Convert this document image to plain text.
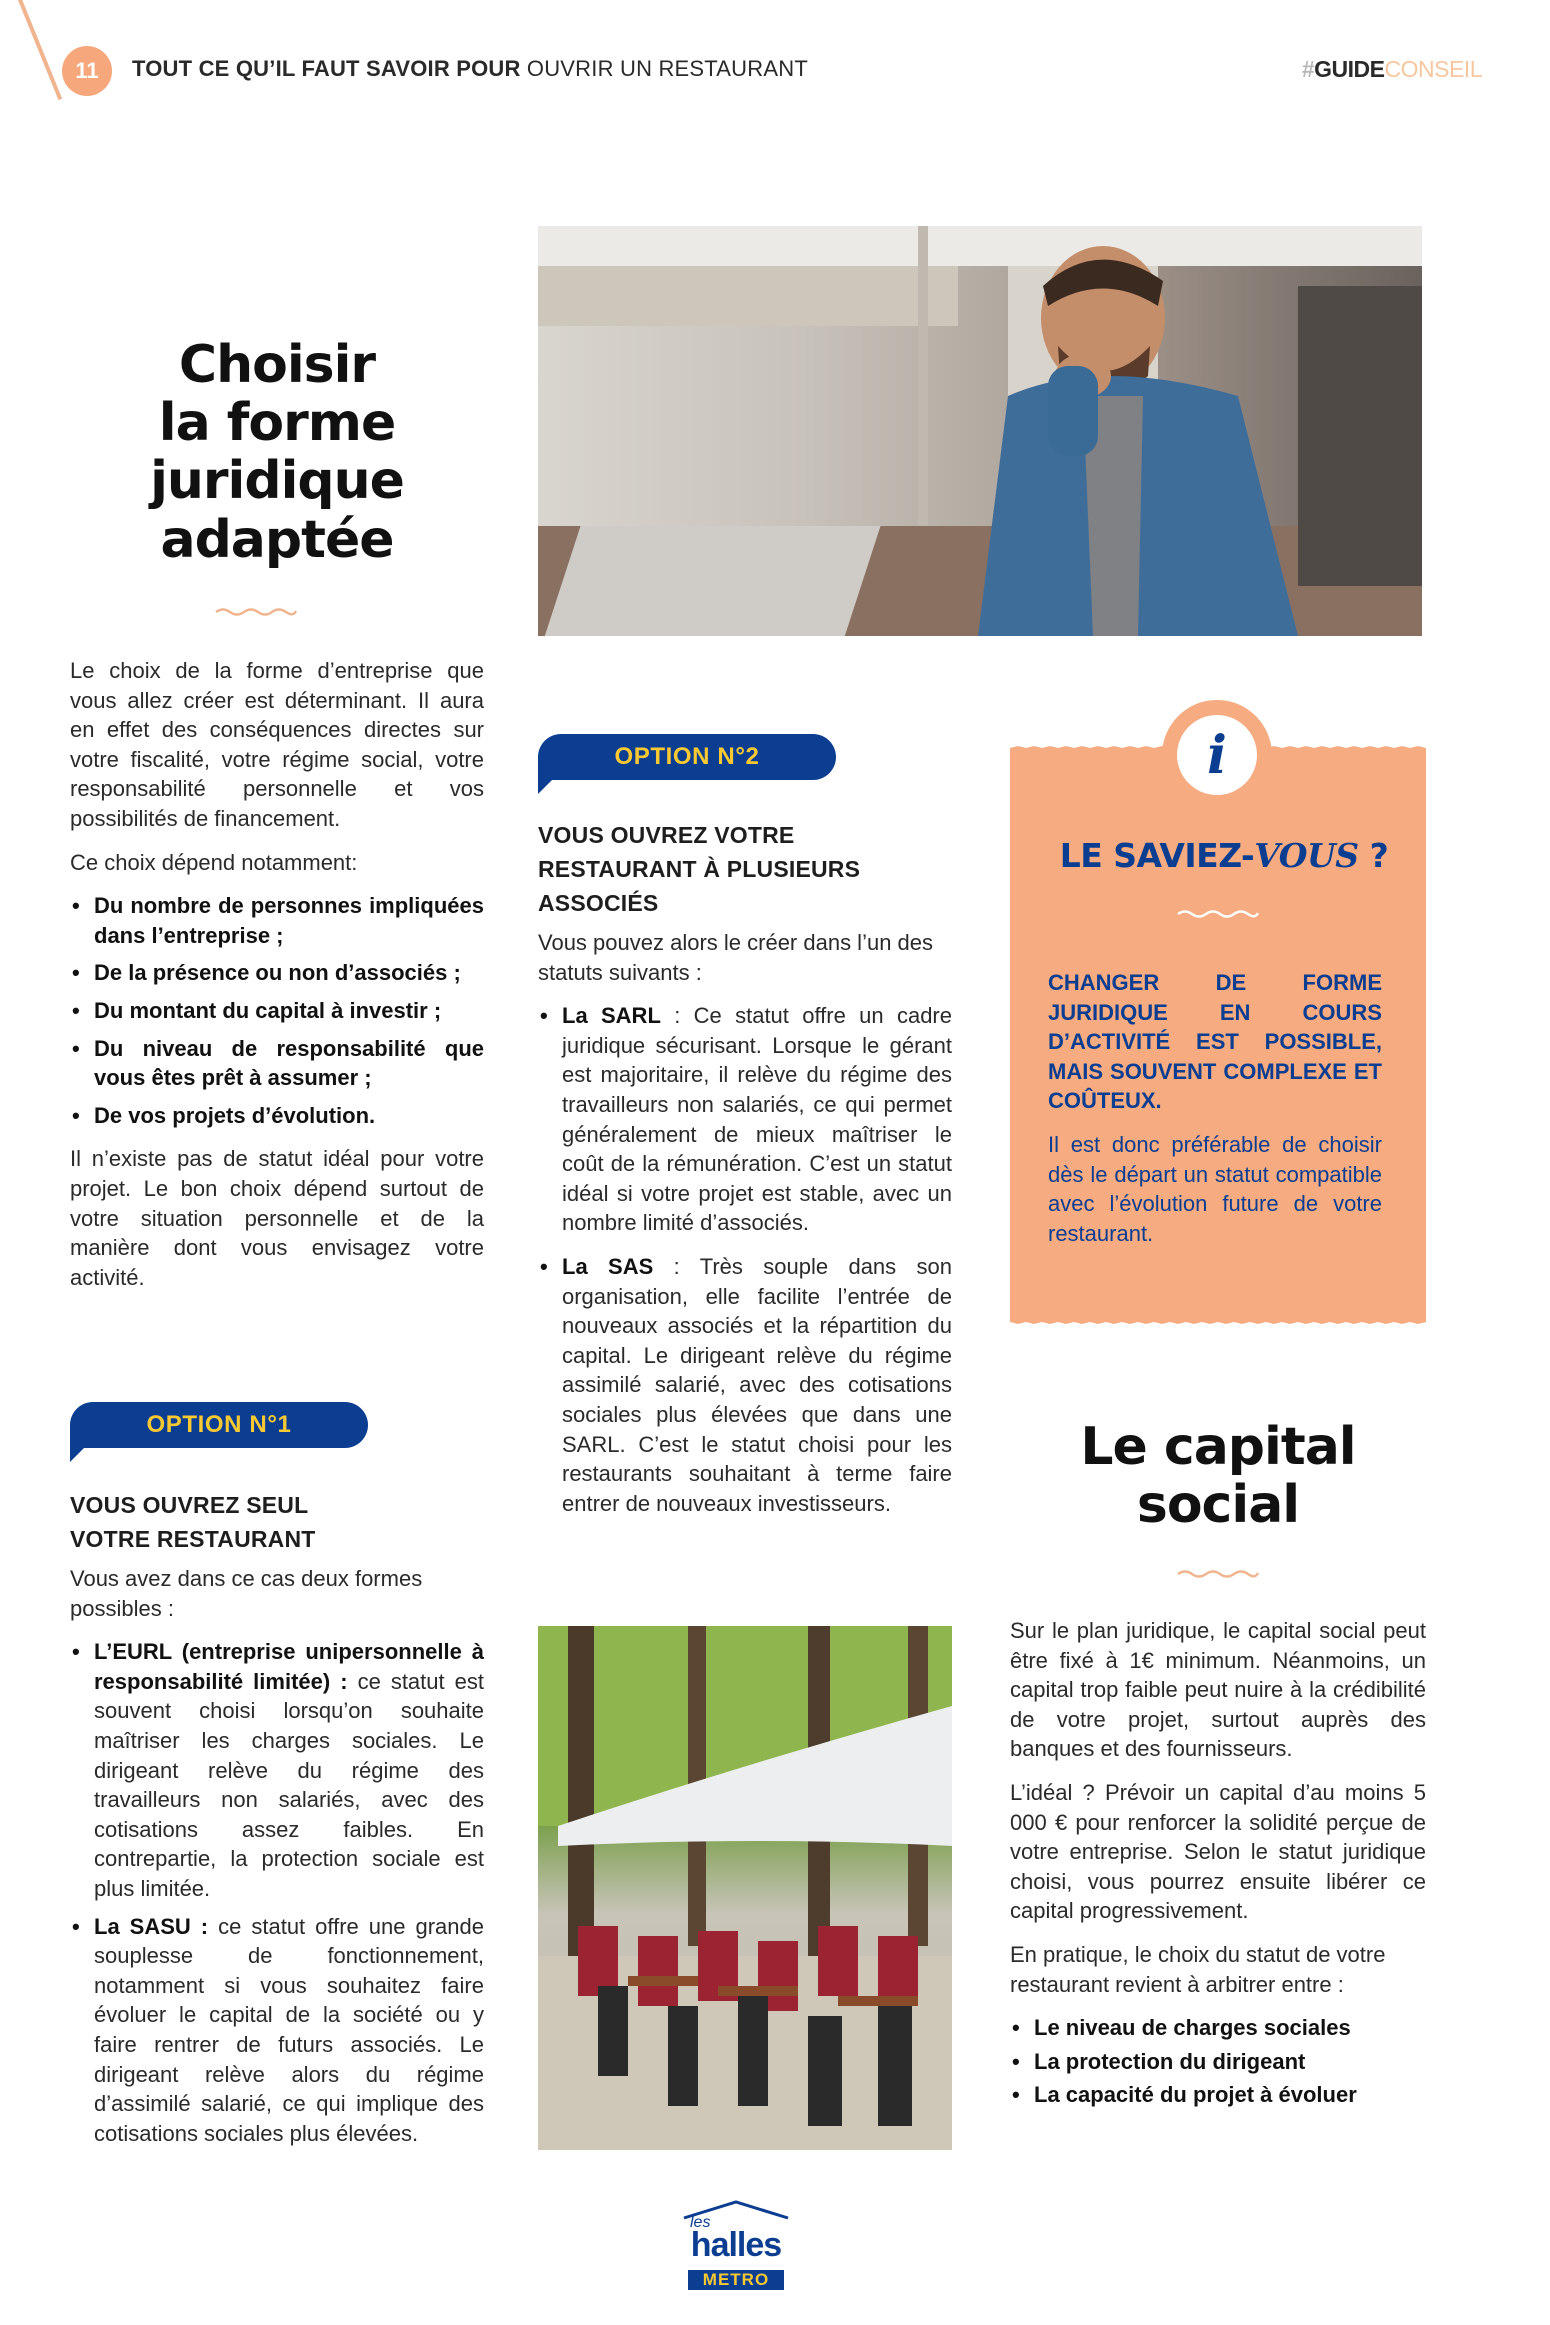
11 TOUT CE QU’IL FAUT SAVOIR POUR OUVRIR UN RESTAURANT	#GUIDECONSEIL
Choisir
la forme
juridique
adaptée

Le choix de la forme d’entreprise que vous allez créer est déterminant. Il aura en effet des conséquences directes sur votre fiscalité, votre régime social, votre responsabilité personnelle et vos possibilités de financement.

Ce choix dépend notamment:

• Du nombre de personnes impliquées dans l’entreprise ;
• De la présence ou non d’associés ;
• Du montant du capital à investir ;
• Du niveau de responsabilité que vous êtes prêt à assumer ;
• De vos projets d’évolution.

Il n’existe pas de statut idéal pour votre projet. Le bon choix dépend surtout de votre situation personnelle et de la manière dont vous envisagez votre activité.

OPTION N°1

VOUS OUVREZ SEUL
VOTRE RESTAURANT

Vous avez dans ce cas deux formes possibles :

• L’EURL (entreprise unipersonnelle à responsabilité limitée) : ce statut est souvent choisi lorsqu’on souhaite maîtriser les charges sociales. Le dirigeant relève du régime des travailleurs non salariés, avec des cotisations assez faibles. En contrepartie, la protection sociale est plus limitée.
• La SASU : ce statut offre une grande souplesse de fonctionnement, notamment si vous souhaitez faire évoluer le capital de la société ou y faire rentrer de futurs associés. Le dirigeant relève alors du régime d’assimilé salarié, ce qui implique des cotisations sociales plus élevées.
OPTION N°2

VOUS OUVREZ VOTRE
RESTAURANT À PLUSIEURS
ASSOCIÉS

Vous pouvez alors le créer dans l’un des statuts suivants :

• La SARL : Ce statut offre un cadre juridique sécurisant. Lorsque le gérant est majoritaire, il relève du régime des travailleurs non salariés, ce qui permet généralement de mieux maîtriser le coût de la rémunération. C’est un statut idéal si votre projet est stable, avec un nombre limité d’associés.
• La SAS : Très souple dans son organisation, elle facilite l’entrée de nouveaux associés et la répartition du capital. Le dirigeant relève du régime assimilé salarié, avec des cotisations sociales plus élevées que dans une SARL. C’est le statut choisi pour les restaurants souhaitant à terme faire entrer de nouveaux investisseurs.
LE SAVIEZ-VOUS ?

CHANGER DE FORME JURIDIQUE EN COURS D’ACTIVITÉ EST POSSIBLE, MAIS SOUVENT COMPLEXE ET COÛTEUX.

Il est donc préférable de choisir dès le départ un statut compatible avec l’évolution future de votre restaurant.

i
Le capital
social

Sur le plan juridique, le capital social peut être fixé à 1€ minimum. Néanmoins, un capital trop faible peut nuire à la crédibilité de votre projet, surtout auprès des banques et des fournisseurs.

L’idéal ? Prévoir un capital d’au moins 5 000 € pour renforcer la solidité perçue de votre entreprise. Selon le statut juridique choisi, vous pourrez ensuite libérer ce capital progressivement.

En pratique, le choix du statut de votre restaurant revient à arbitrer entre :

• Le niveau de charges sociales
• La protection du dirigeant
• La capacité du projet à évoluer
les
halles
METRO
